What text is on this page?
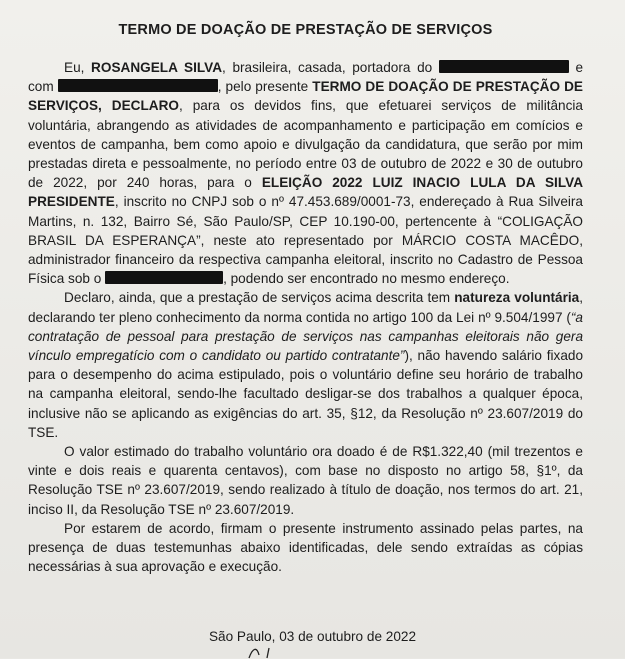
TERMO DE DOAÇÃO DE PRESTAÇÃO DE SERVIÇOS

Eu, ROSANGELA SILVA, brasileira, casada, portadora do	e com	, pelo presente TERMO DE DOAÇÃO DE PRESTAÇÃO DE SERVIÇOS, DECLARO, para os devidos fins, que efetuarei serviços de militância voluntária, abrangendo as atividades de acompanhamento e participação em comícios e eventos de campanha, bem como apoio e divulgação da candidatura, que serão por mim prestadas direta e pessoalmente, no período entre 03 de outubro de 2022 e 30 de outubro de 2022, por 240 horas, para o ELEIÇÃO 2022 LUIZ INACIO LULA DA SILVA PRESIDENTE, inscrito no CNPJ sob o nº 47.453.689/0001-73, endereçado à Rua Silveira Martins, n. 132, Bairro Sé, São Paulo/SP, CEP 10.190-00, pertencente à “COLIGAÇÃO BRASIL DA ESPERANÇA”, neste ato representado por MÁRCIO COSTA MACÊDO, administrador financeiro da respectiva campanha eleitoral, inscrito no Cadastro de Pessoa Física sob o	, podendo ser encontrado no mesmo endereço.

Declaro, ainda, que a prestação de serviços acima descrita tem natureza voluntária, declarando ter pleno conhecimento da norma contida no artigo 100 da Lei nº 9.504/1997 (“a contratação de pessoal para prestação de serviços nas campanhas eleitorais não gera vínculo empregatício com o candidato ou partido contratante”), não havendo salário fixado para o desempenho do acima estipulado, pois o voluntário define seu horário de trabalho na campanha eleitoral, sendo-lhe facultado desligar-se dos trabalhos a qualquer época, inclusive não se aplicando as exigências do art. 35, §12, da Resolução nº 23.607/2019 do TSE.

O valor estimado do trabalho voluntário ora doado é de R$1.322,40 (mil trezentos e vinte e dois reais e quarenta centavos), com base no disposto no artigo 58, §1º, da Resolução TSE nº 23.607/2019, sendo realizado à título de doação, nos termos do art. 21, inciso II, da Resolução TSE nº 23.607/2019.

Por estarem de acordo, firmam o presente instrumento assinado pelas partes, na presença de duas testemunhas abaixo identificadas, dele sendo extraídas as cópias necessárias à sua aprovação e execução.

São Paulo, 03 de outubro de 2022
